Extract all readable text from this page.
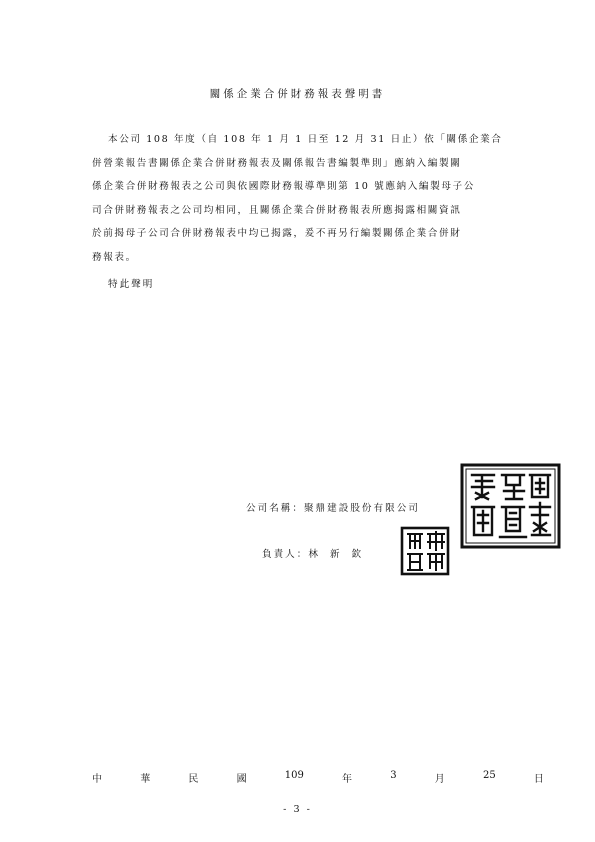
關係企業合併財務報表聲明書

本公司 108 年度（自 108 年 1 月 1 日至 12 月 31 日止）依「關係企業合

併營業報告書關係企業合併財務報表及關係報告書編製準則」應納入編製關

係企業合併財務報表之公司與依國際財務報導準則第 10 號應納入編製母子公

司合併財務報表之公司均相同，且關係企業合併財務報表所應揭露相關資訊

於前揭母子公司合併財務報表中均已揭露，爰不再另行編製關係企業合併財

務報表。

特此聲明
公司名稱：聚鼎建設股份有限公司
負責人：林新欽
中	華	民	國	109	年	3	月	25	日
- 3 -
